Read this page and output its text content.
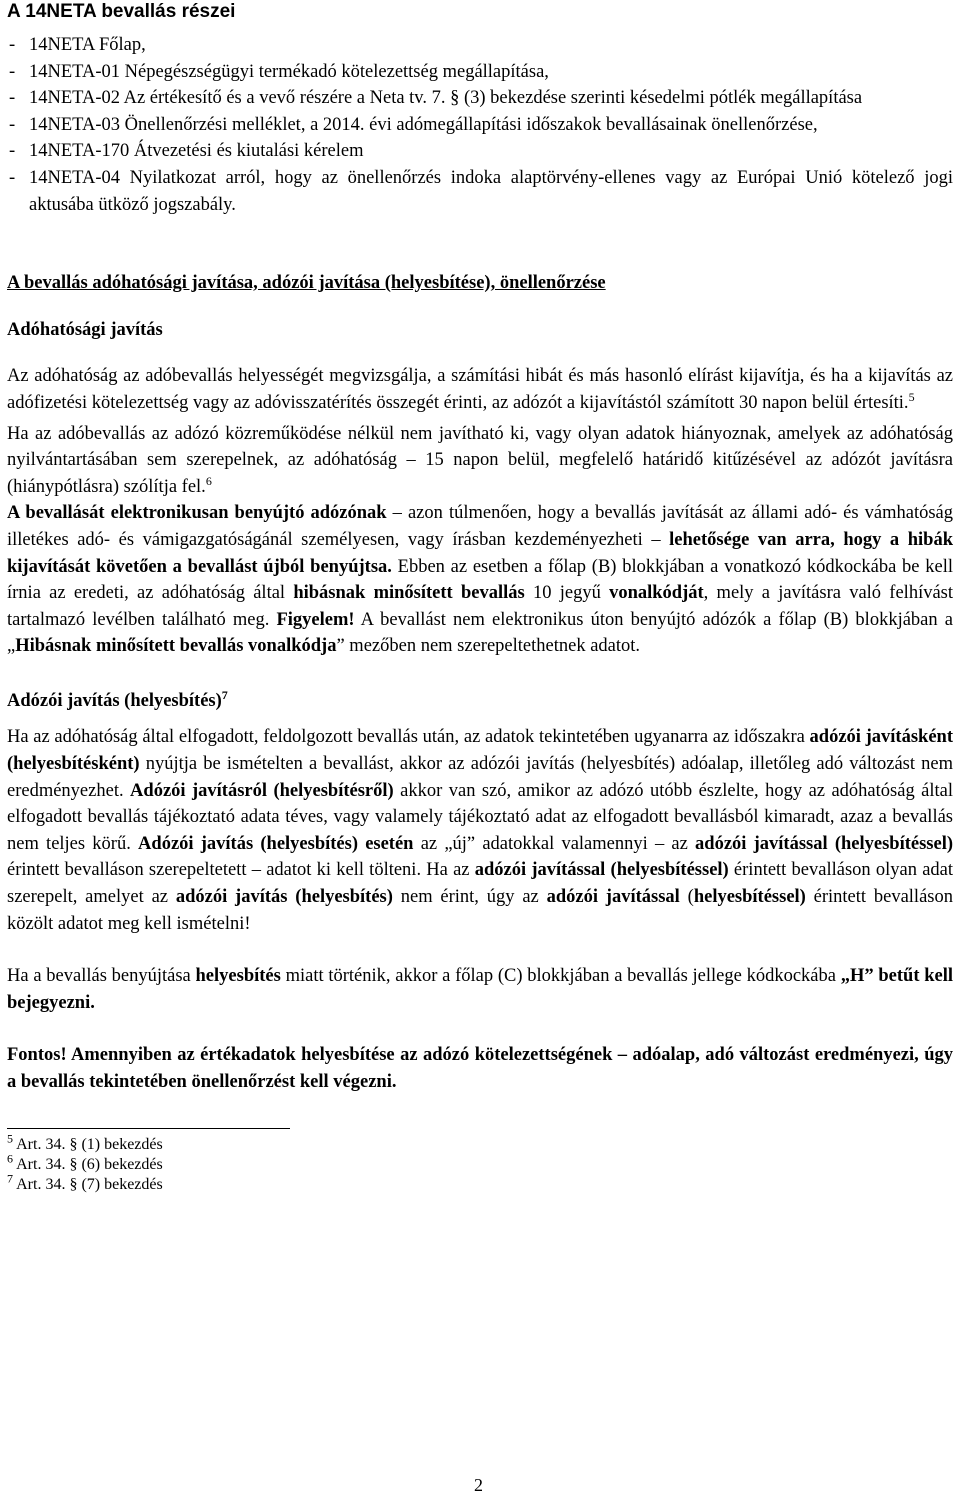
A 14NETA bevallás részei

- 14NETA Főlap,
- 14NETA-01 Népegészségügyi termékadó kötelezettség megállapítása,
- 14NETA-02 Az értékesítő és a vevő részére a Neta tv. 7. § (3) bekezdése szerinti késedelmi pótlék megállapítása
- 14NETA-03 Önellenőrzési melléklet, a 2014. évi adómegállapítási időszakok bevallásainak önellenőrzése,
- 14NETA-170 Átvezetési és kiutalási kérelem
- 14NETA-04 Nyilatkozat arról, hogy az önellenőrzés indoka alaptörvény-ellenes vagy az Európai Unió kötelező jogi aktusába ütköző jogszabály.

A bevallás adóhatósági javítása, adózói javítása (helyesbítése), önellenőrzése

Adóhatósági javítás

Az adóhatóság az adóbevallás helyességét megvizsgálja, a számítási hibát és más hasonló elírást kijavítja, és ha a kijavítás az adófizetési kötelezettség vagy az adóvisszatérítés összegét érinti, az adózót a kijavítástól számított 30 napon belül értesíti.$^5$

Ha az adóbevallás az adózó közreműködése nélkül nem javítható ki, vagy olyan adatok hiányoznak, amelyek az adóhatóság nyilvántartásában sem szerepelnek, az adóhatóság – 15 napon belül, megfelelő határidő kitűzésével az adózót javításra (hiánypótlásra) szólítja fel.$^6$

A bevallását elektronikusan benyújtó adózónak – azon túlmenően, hogy a bevallás javítását az állami adó- és vámhatóság illetékes adó- és vámigazgatóságánál személyesen, vagy írásban kezdeményezheti – lehetősége van arra, hogy a hibák kijavítását követően a bevallást újból benyújtsa. Ebben az esetben a főlap (B) blokkjában a vonatkozó kódkockába be kell írnia az eredeti, az adóhatóság által hibásnak minősített bevallás 10 jegyű vonalkódját, mely a javításra való felhívást tartalmazó levélben található meg. Figyelem! A bevallást nem elektronikus úton benyújtó adózók a főlap (B) blokkjában a „Hibásnak minősített bevallás vonalkódja” mezőben nem szerepeltethetnek adatot.

Adózói javítás (helyesbítés)$^7$

Ha az adóhatóság által elfogadott, feldolgozott bevallás után, az adatok tekintetében ugyanarra az időszakra adózói javításként (helyesbítésként) nyújtja be ismételten a bevallást, akkor az adózói javítás (helyesbítés) adóalap, illetőleg adó változást nem eredményezhet. Adózói javításról (helyesbítésről) akkor van szó, amikor az adózó utóbb észlelte, hogy az adóhatóság által elfogadott bevallás tájékoztató adata téves, vagy valamely tájékoztató adat az elfogadott bevallásból kimaradt, azaz a bevallás nem teljes körű. Adózói javítás (helyesbítés) esetén az „új” adatokkal valamennyi – az adózói javítással (helyesbítéssel) érintett bevalláson szerepeltetett – adatot ki kell tölteni. Ha az adózói javítással (helyesbítéssel) érintett bevalláson olyan adat szerepelt, amelyet az adózói javítás (helyesbítés) nem érint, úgy az adózói javítással (helyesbítéssel) érintett bevalláson közölt adatot meg kell ismételni!

Ha a bevallás benyújtása helyesbítés miatt történik, akkor a főlap (C) blokkjában a bevallás jellege kódkockába „H” betűt kell bejegyezni.

Fontos! Amennyiben az értékadatok helyesbítése az adózó kötelezettségének – adóalap, adó változást eredményezi, úgy a bevallás tekintetében önellenőrzést kell végezni.

$^5$ Art. 34. § (1) bekezdés

$^6$ Art. 34. § (6) bekezdés

$^7$ Art. 34. § (7) bekezdés

2
